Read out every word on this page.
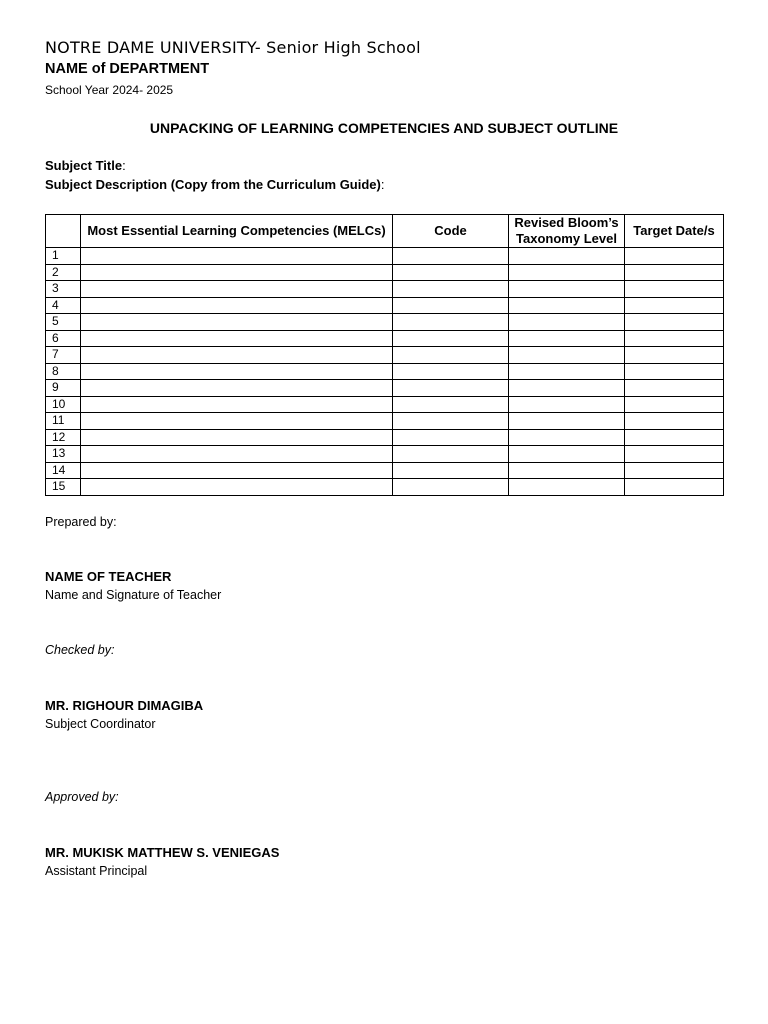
NOTRE DAME UNIVERSITY- Senior High School
NAME of DEPARTMENT
School Year 2024- 2025
UNPACKING OF LEARNING COMPETENCIES AND SUBJECT OUTLINE
Subject Title:
Subject Description (Copy from the Curriculum Guide):
	Most Essential Learning Competencies (MELCs)	Code	Revised Bloom’s Taxonomy Level	Target Date/s
1				
2				
3				
4				
5				
6				
7				
8				
9				
10				
11				
12				
13				
14				
15				
Prepared by:
NAME OF TEACHER
Name and Signature of Teacher
Checked by:
MR. RIGHOUR DIMAGIBA
Subject Coordinator
Approved by:
MR. MUKISK MATTHEW S. VENIEGAS
Assistant Principal
